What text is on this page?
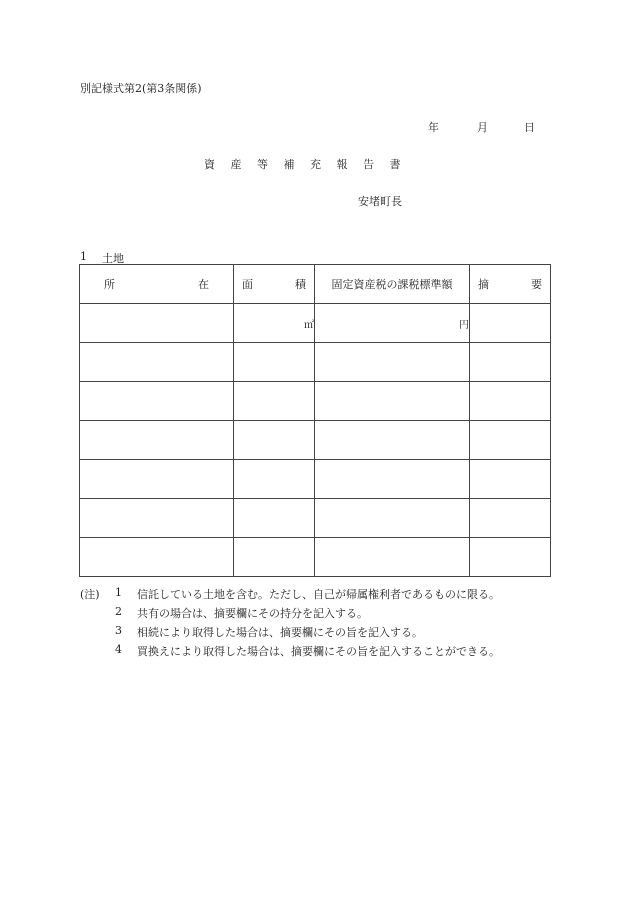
別記様式第2(第3条関係)
年	月	日
資産等補充報告書
安堵町長
1 土地
所 在	面 積	固定資産税の課税標準額	摘 要

	㎡	円	

(注) 1 信託している土地を含む。ただし、自己が帰属権利者であるものに限る。
2 共有の場合は、摘要欄にその持分を記入する。
3 相続により取得した場合は、摘要欄にその旨を記入する。
4 買換えにより取得した場合は、摘要欄にその旨を記入することができる。
